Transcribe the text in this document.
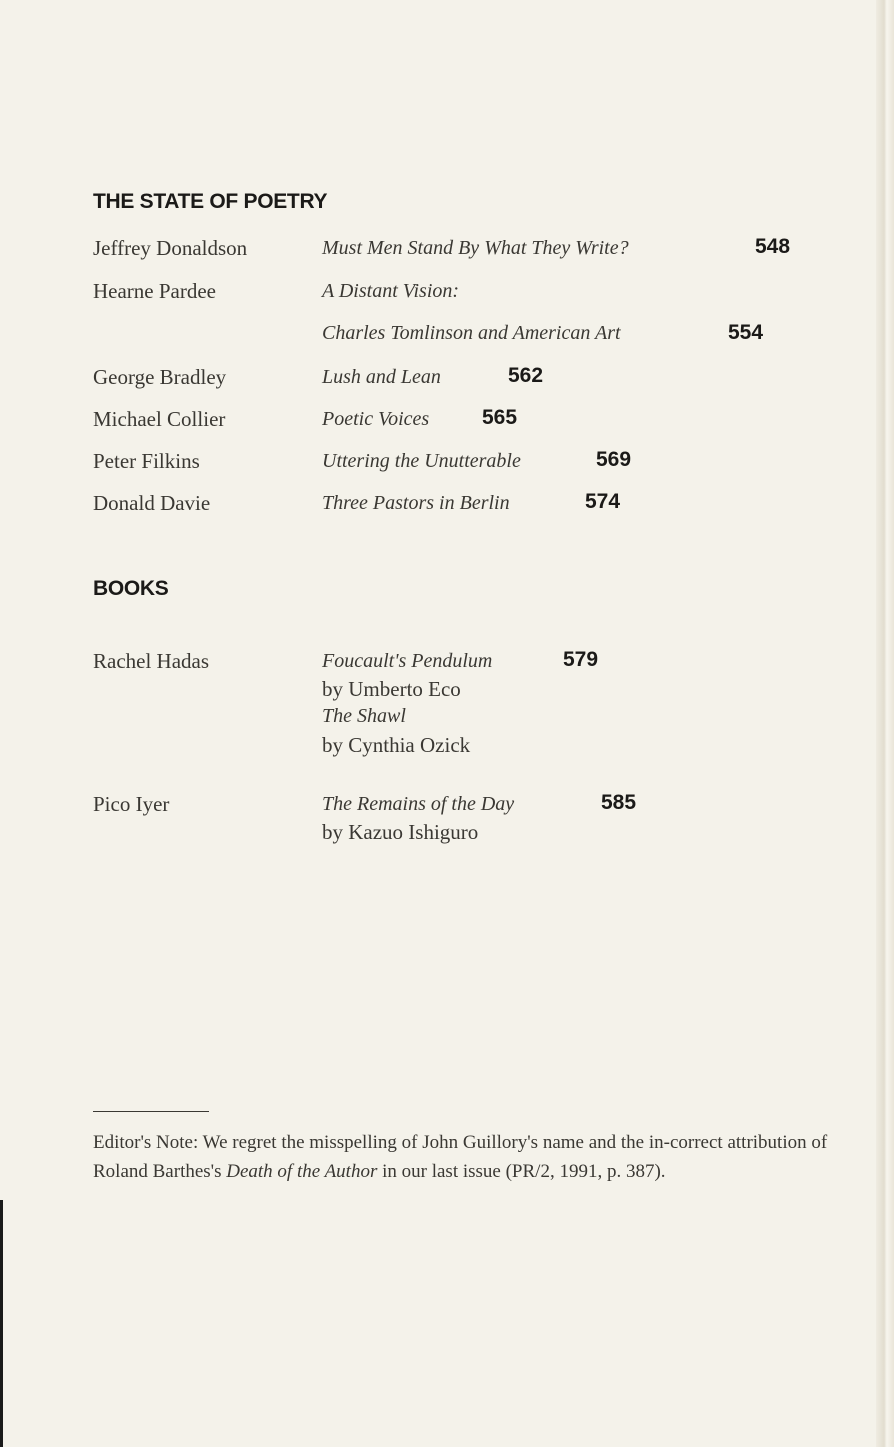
THE STATE OF POETRY
Jeffrey Donaldson	Must Men Stand By What They Write?	548
Hearne Pardee	A Distant Vision:
Charles Tomlinson and American Art	554
George Bradley	Lush and Lean	562
Michael Collier	Poetic Voices	565
Peter Filkins	Uttering the Unutterable	569
Donald Davie	Three Pastors in Berlin	574
BOOKS
Rachel Hadas	Foucault's Pendulum	579
by Umberto Eco
The Shawl
by Cynthia Ozick
Pico Iyer	The Remains of the Day	585
by Kazuo Ishiguro

Editor's Note: We regret the misspelling of John Guillory's name and the in-correct attribution of Roland Barthes's Death of the Author in our last issue (PR/2, 1991, p. 387).
